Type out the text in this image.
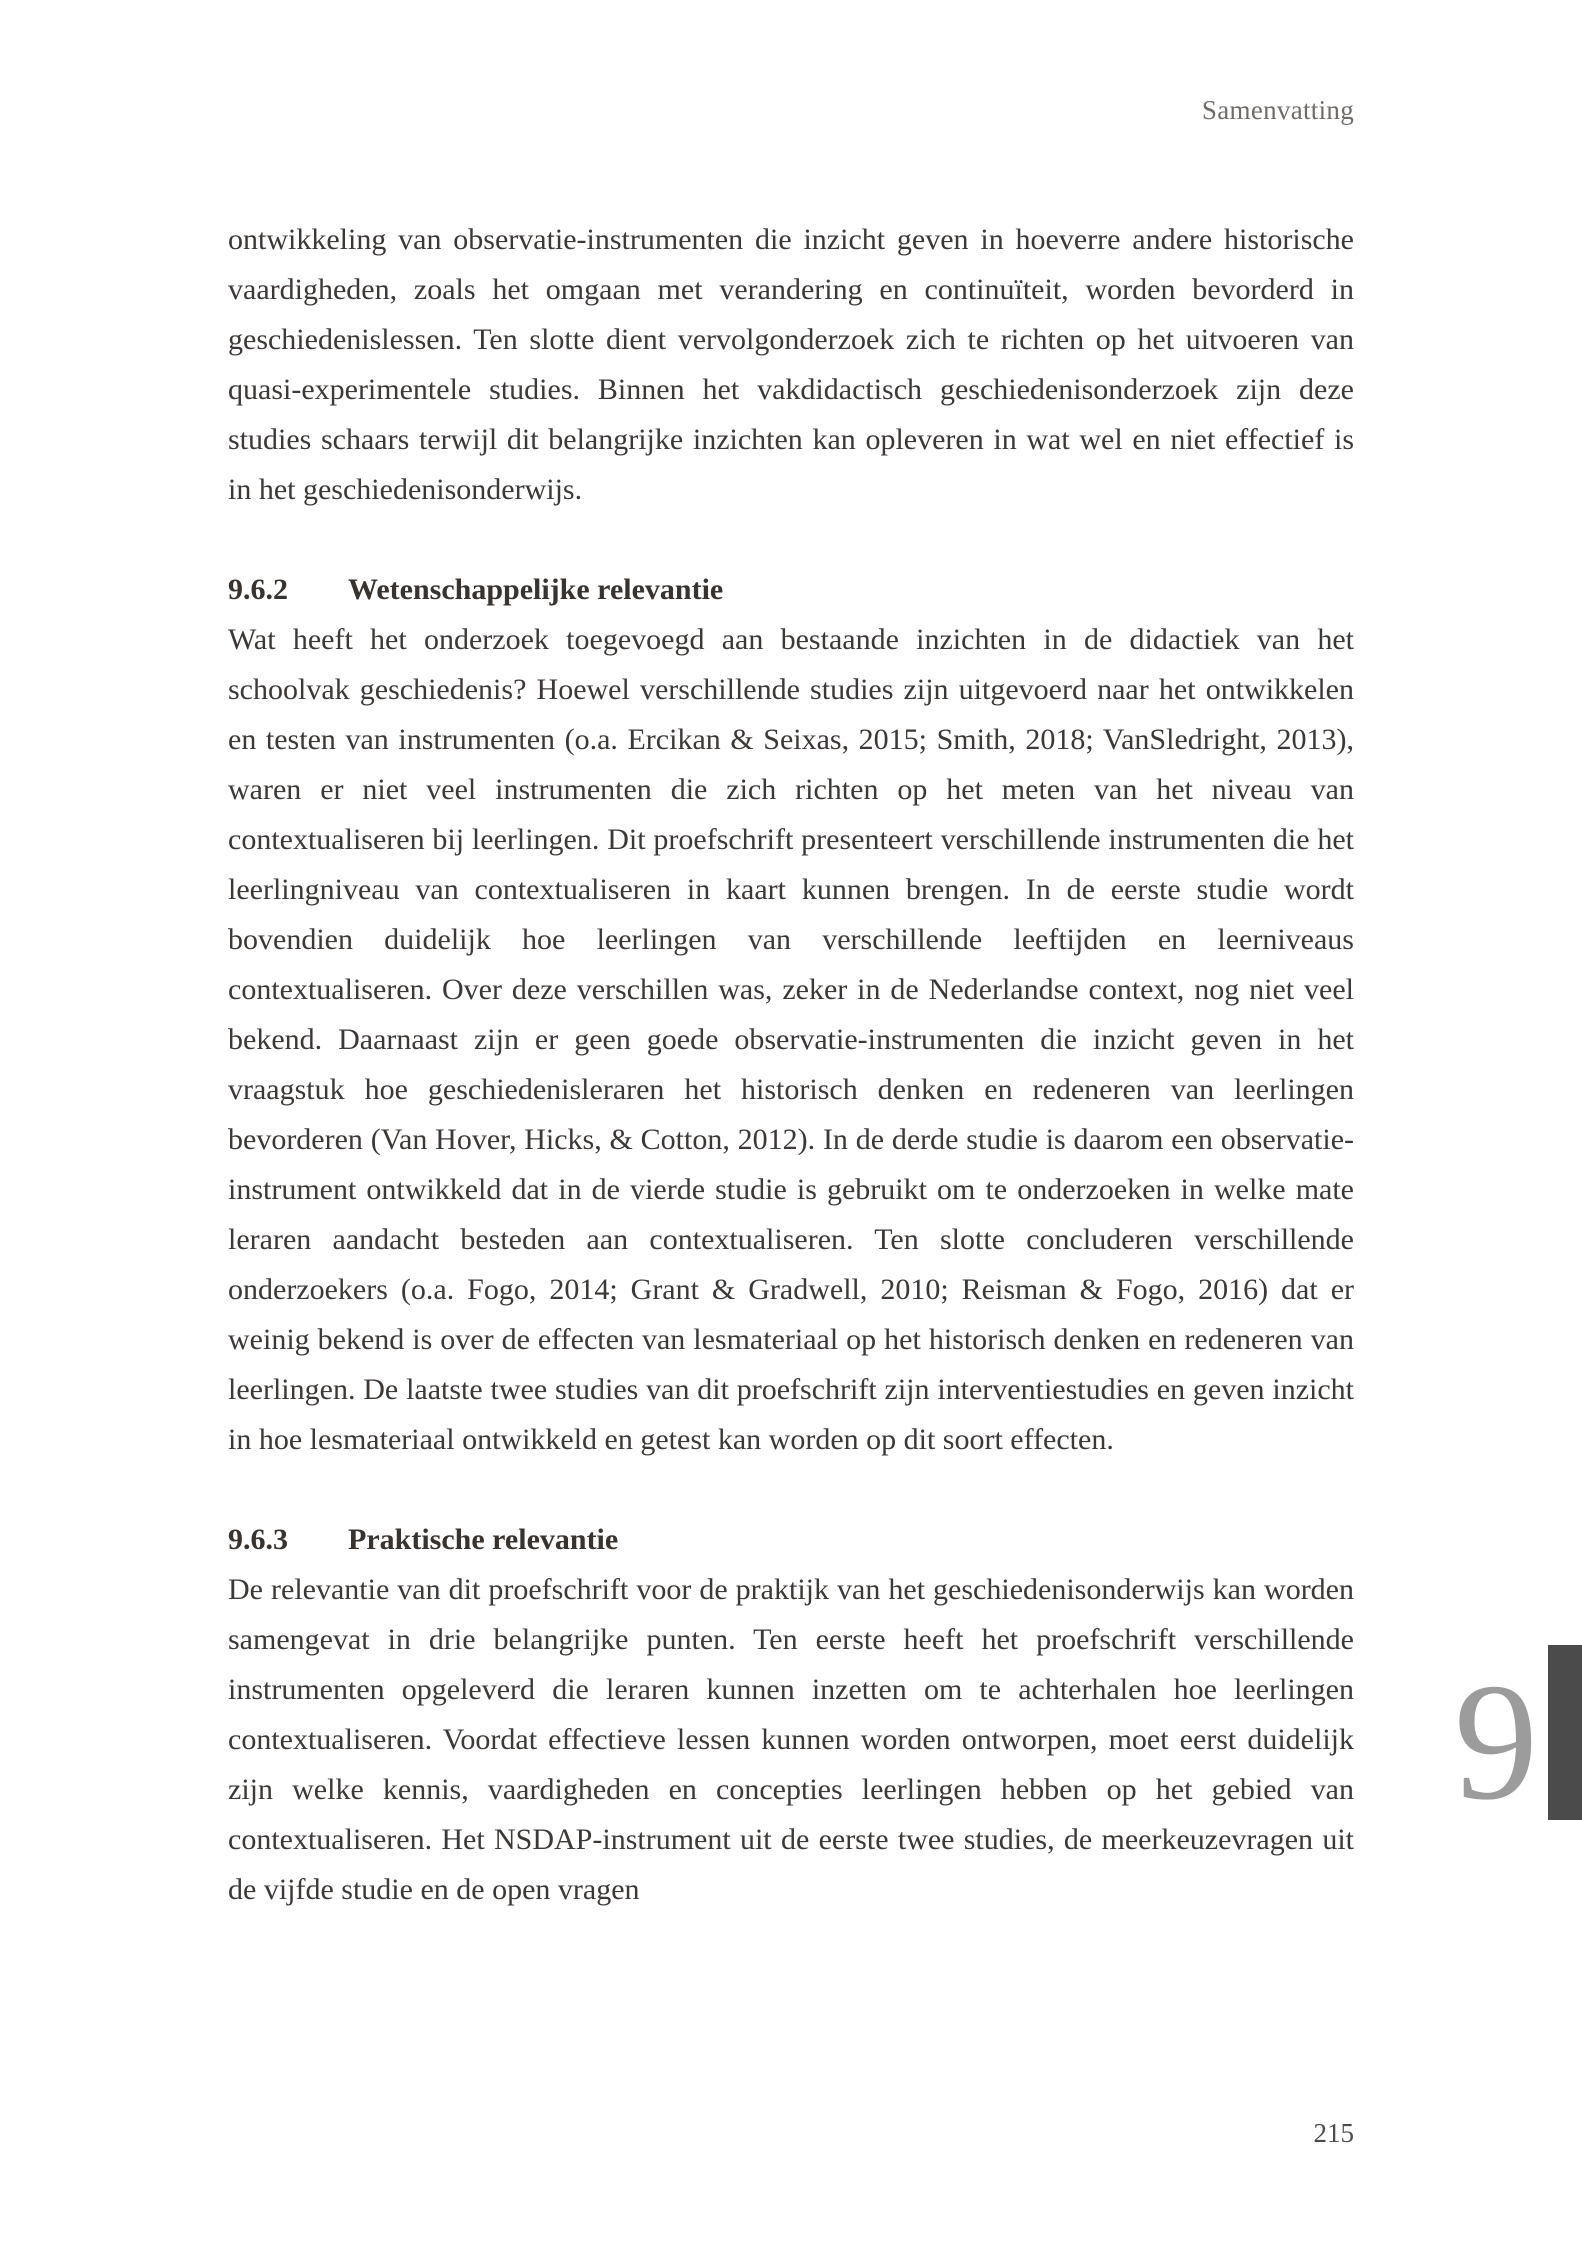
Samenvatting

ontwikkeling van observatie-instrumenten die inzicht geven in hoeverre andere historische vaardigheden, zoals het omgaan met verandering en continuïteit, worden bevorderd in geschiedenislessen. Ten slotte dient vervolgonderzoek zich te richten op het uitvoeren van quasi-experimentele studies. Binnen het vakdidactisch geschiedenisonderzoek zijn deze studies schaars terwijl dit belangrijke inzichten kan opleveren in wat wel en niet effectief is in het geschiedenisonderwijs.

9.6.2	Wetenschappelijke relevantie

Wat heeft het onderzoek toegevoegd aan bestaande inzichten in de didactiek van het schoolvak geschiedenis? Hoewel verschillende studies zijn uitgevoerd naar het ontwikkelen en testen van instrumenten (o.a. Ercikan & Seixas, 2015; Smith, 2018; VanSledright, 2013), waren er niet veel instrumenten die zich richten op het meten van het niveau van contextualiseren bij leerlingen. Dit proefschrift presenteert verschillende instrumenten die het leerlingniveau van contextualiseren in kaart kunnen brengen. In de eerste studie wordt bovendien duidelijk hoe leerlingen van verschillende leeftijden en leerniveaus contextualiseren. Over deze verschillen was, zeker in de Nederlandse context, nog niet veel bekend. Daarnaast zijn er geen goede observatie-instrumenten die inzicht geven in het vraagstuk hoe geschiedenisleraren het historisch denken en redeneren van leerlingen bevorderen (Van Hover, Hicks, & Cotton, 2012). In de derde studie is daarom een observatie-instrument ontwikkeld dat in de vierde studie is gebruikt om te onderzoeken in welke mate leraren aandacht besteden aan contextualiseren. Ten slotte concluderen verschillende onderzoekers (o.a. Fogo, 2014; Grant & Gradwell, 2010; Reisman & Fogo, 2016) dat er weinig bekend is over de effecten van lesmateriaal op het historisch denken en redeneren van leerlingen. De laatste twee studies van dit proefschrift zijn interventiestudies en geven inzicht in hoe lesmateriaal ontwikkeld en getest kan worden op dit soort effecten.

9.6.3	Praktische relevantie

De relevantie van dit proefschrift voor de praktijk van het geschiedenisonderwijs kan worden samengevat in drie belangrijke punten. Ten eerste heeft het proefschrift verschillende instrumenten opgeleverd die leraren kunnen inzetten om te achterhalen hoe leerlingen contextualiseren. Voordat effectieve lessen kunnen worden ontworpen, moet eerst duidelijk zijn welke kennis, vaardigheden en concepties leerlingen hebben op het gebied van contextualiseren. Het NSDAP-instrument uit de eerste twee studies, de meerkeuzevragen uit de vijfde studie en de open vragen

9
215
